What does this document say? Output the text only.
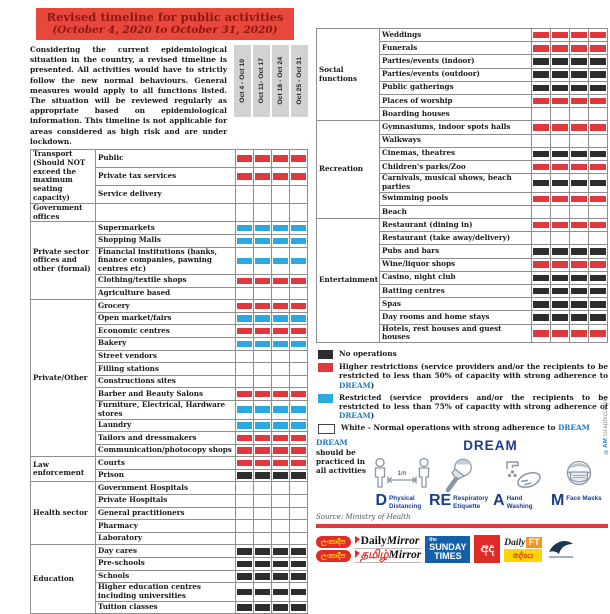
Revised timeline for public activities
(October 4, 2020 to October 31, 2020)

Considering the current epidemiological situation in the country, a revised timeline is presented. All activities would have to strictly follow the new normal behaviours. General measures would apply to all functions listed. The situation will be reviewed regularly as appropriate based on epidemiological information. This timeline is not applicable for areas considered as high risk and are under lockdown.

Oct 4 - Oct 10 Oct 11- Oct 17 Oct 18 - Oct 24 Oct 25 - Oct 31
Transport (Should NOT exceed the maximum seating capacity)	Public	

	Private tax services	

	Service delivery				
Government offices					
Private sector offices and other (formal)	Supermarkets	

	Shopping Malls	

	Financial institutions (banks, finance companies, pawning centres etc)	

	Clothing/textile shops	

	Agriculture based				
Private/Other	Grocery	

	Open market/fairs	

	Economic centres	

	Bakery	

	Street vendors				
	Filling stations				
	Constructions sites				
	Barber and Beauty Salons	

	Furniture, Electrical, Hardware stores	

	Laundry	

	Tailors and dressmakers	

	Communication/photocopy shops	

Law enforcement	Courts	

	Prison	

Health sector	Government Hospitals				
	Private Hospitals				
	General practitioners				
	Pharmacy				
	Laboratory				
Education	Day cares	

	Pre-schools	

	Schools	

	Higher education centres including universities	

	Tuition classes	

Social functions	Weddings	

	Funerals	

	Parties/events (indoor)	

	Parties/events (outdoor)	

	Public gatherings	

	Places of worship	

	Boarding houses				
Recreation	Gymnasiums, indoor spots halls	

	Walkways				
	Cinemas, theatres	

	Children's parks/Zoo	

	Carnivals, musical shows, beach parties	

	Swimming pools	

	Beach				
Entertainment	Restaurant (dining in)	

	Restaurant (take away/delivery)				
	Pubs and bars	

	Wine/liquor shops	

	Casino, night club	

	Batting centres	

	Spas	

	Day rooms and home stays	

	Hotels, rest houses and guest houses	

No operations
Higher restrictions (service providers and/or the recipients to be restricted to less than 50% of capacity with strong adherence to DREAM)
Restricted (service providers and/or the recipients to be restricted to less than 75% of capacity with strong adherence of DREAM)
White - Normal operations with strong adherence to DREAM
DREAM should be practiced in all activities
DREAM
1m
D Physical Distancing RE Respiratory Etiquette A Hand Washing	M Face Masks
Source: Ministry of Health
ලංකාදීප
ලංකාදීප
DailyMirror
தமிழ்Mirror
the
SUNDAY
TIMES	අද	Daily FT
දේශය
©AM GraphicDesk
